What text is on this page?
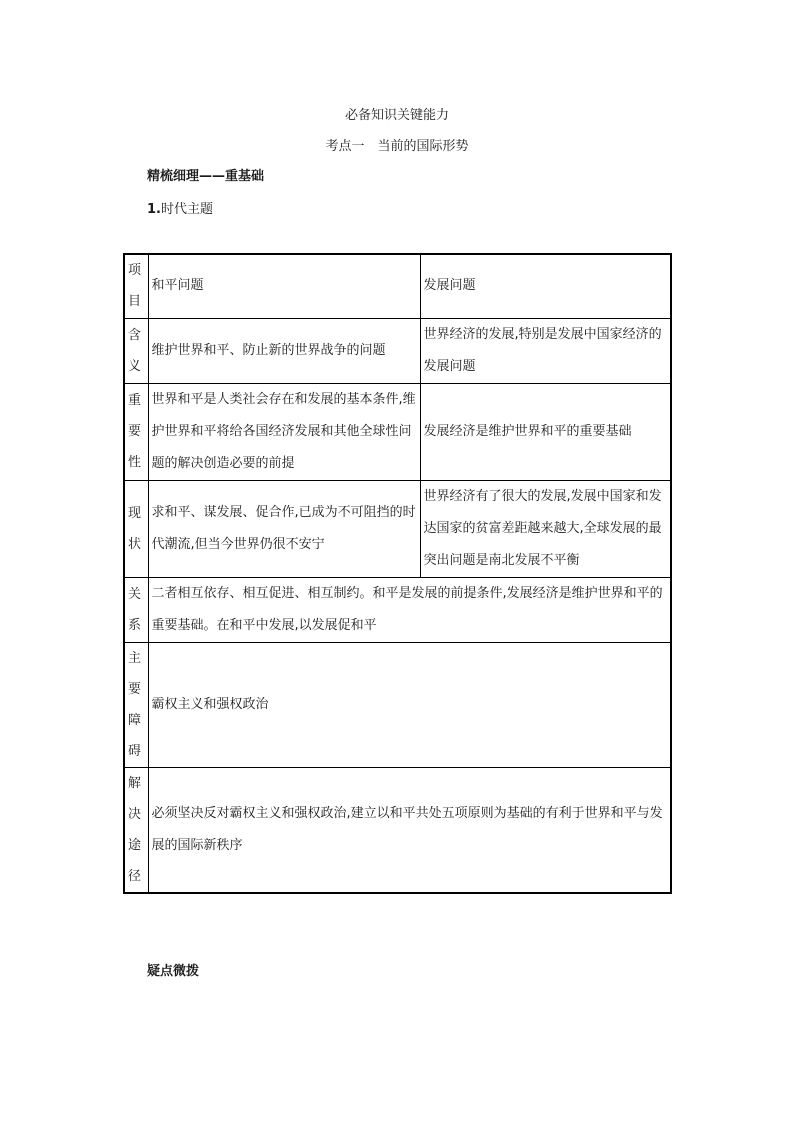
必备知识关键能力
考点一　当前的国际形势
精梳细理——重基础
1.时代主题
项目	和平问题	发展问题

含义	维护世界和平、防止新的世界战争的问题	世界经济的发展,特别是发展中国家经济的发展问题

重要性	世界和平是人类社会存在和发展的基本条件,维护世界和平将给各国经济发展和其他全球性问题的解决创造必要的前提	发展经济是维护世界和平的重要基础

现状	求和平、谋发展、促合作,已成为不可阻挡的时代潮流,但当今世界仍很不安宁	世界经济有了很大的发展,发展中国家和发达国家的贫富差距越来越大,全球发展的最突出问题是南北发展不平衡

关系	二者相互依存、相互促进、相互制约。和平是发展的前提条件,发展经济是维护世界和平的重要基础。在和平中发展,以发展促和平	

主要障碍	霸权主义和强权政治	

解决途径	必须坚决反对霸权主义和强权政治,建立以和平共处五项原则为基础的有利于世界和平与发展的国际新秩序	
疑点微拨
